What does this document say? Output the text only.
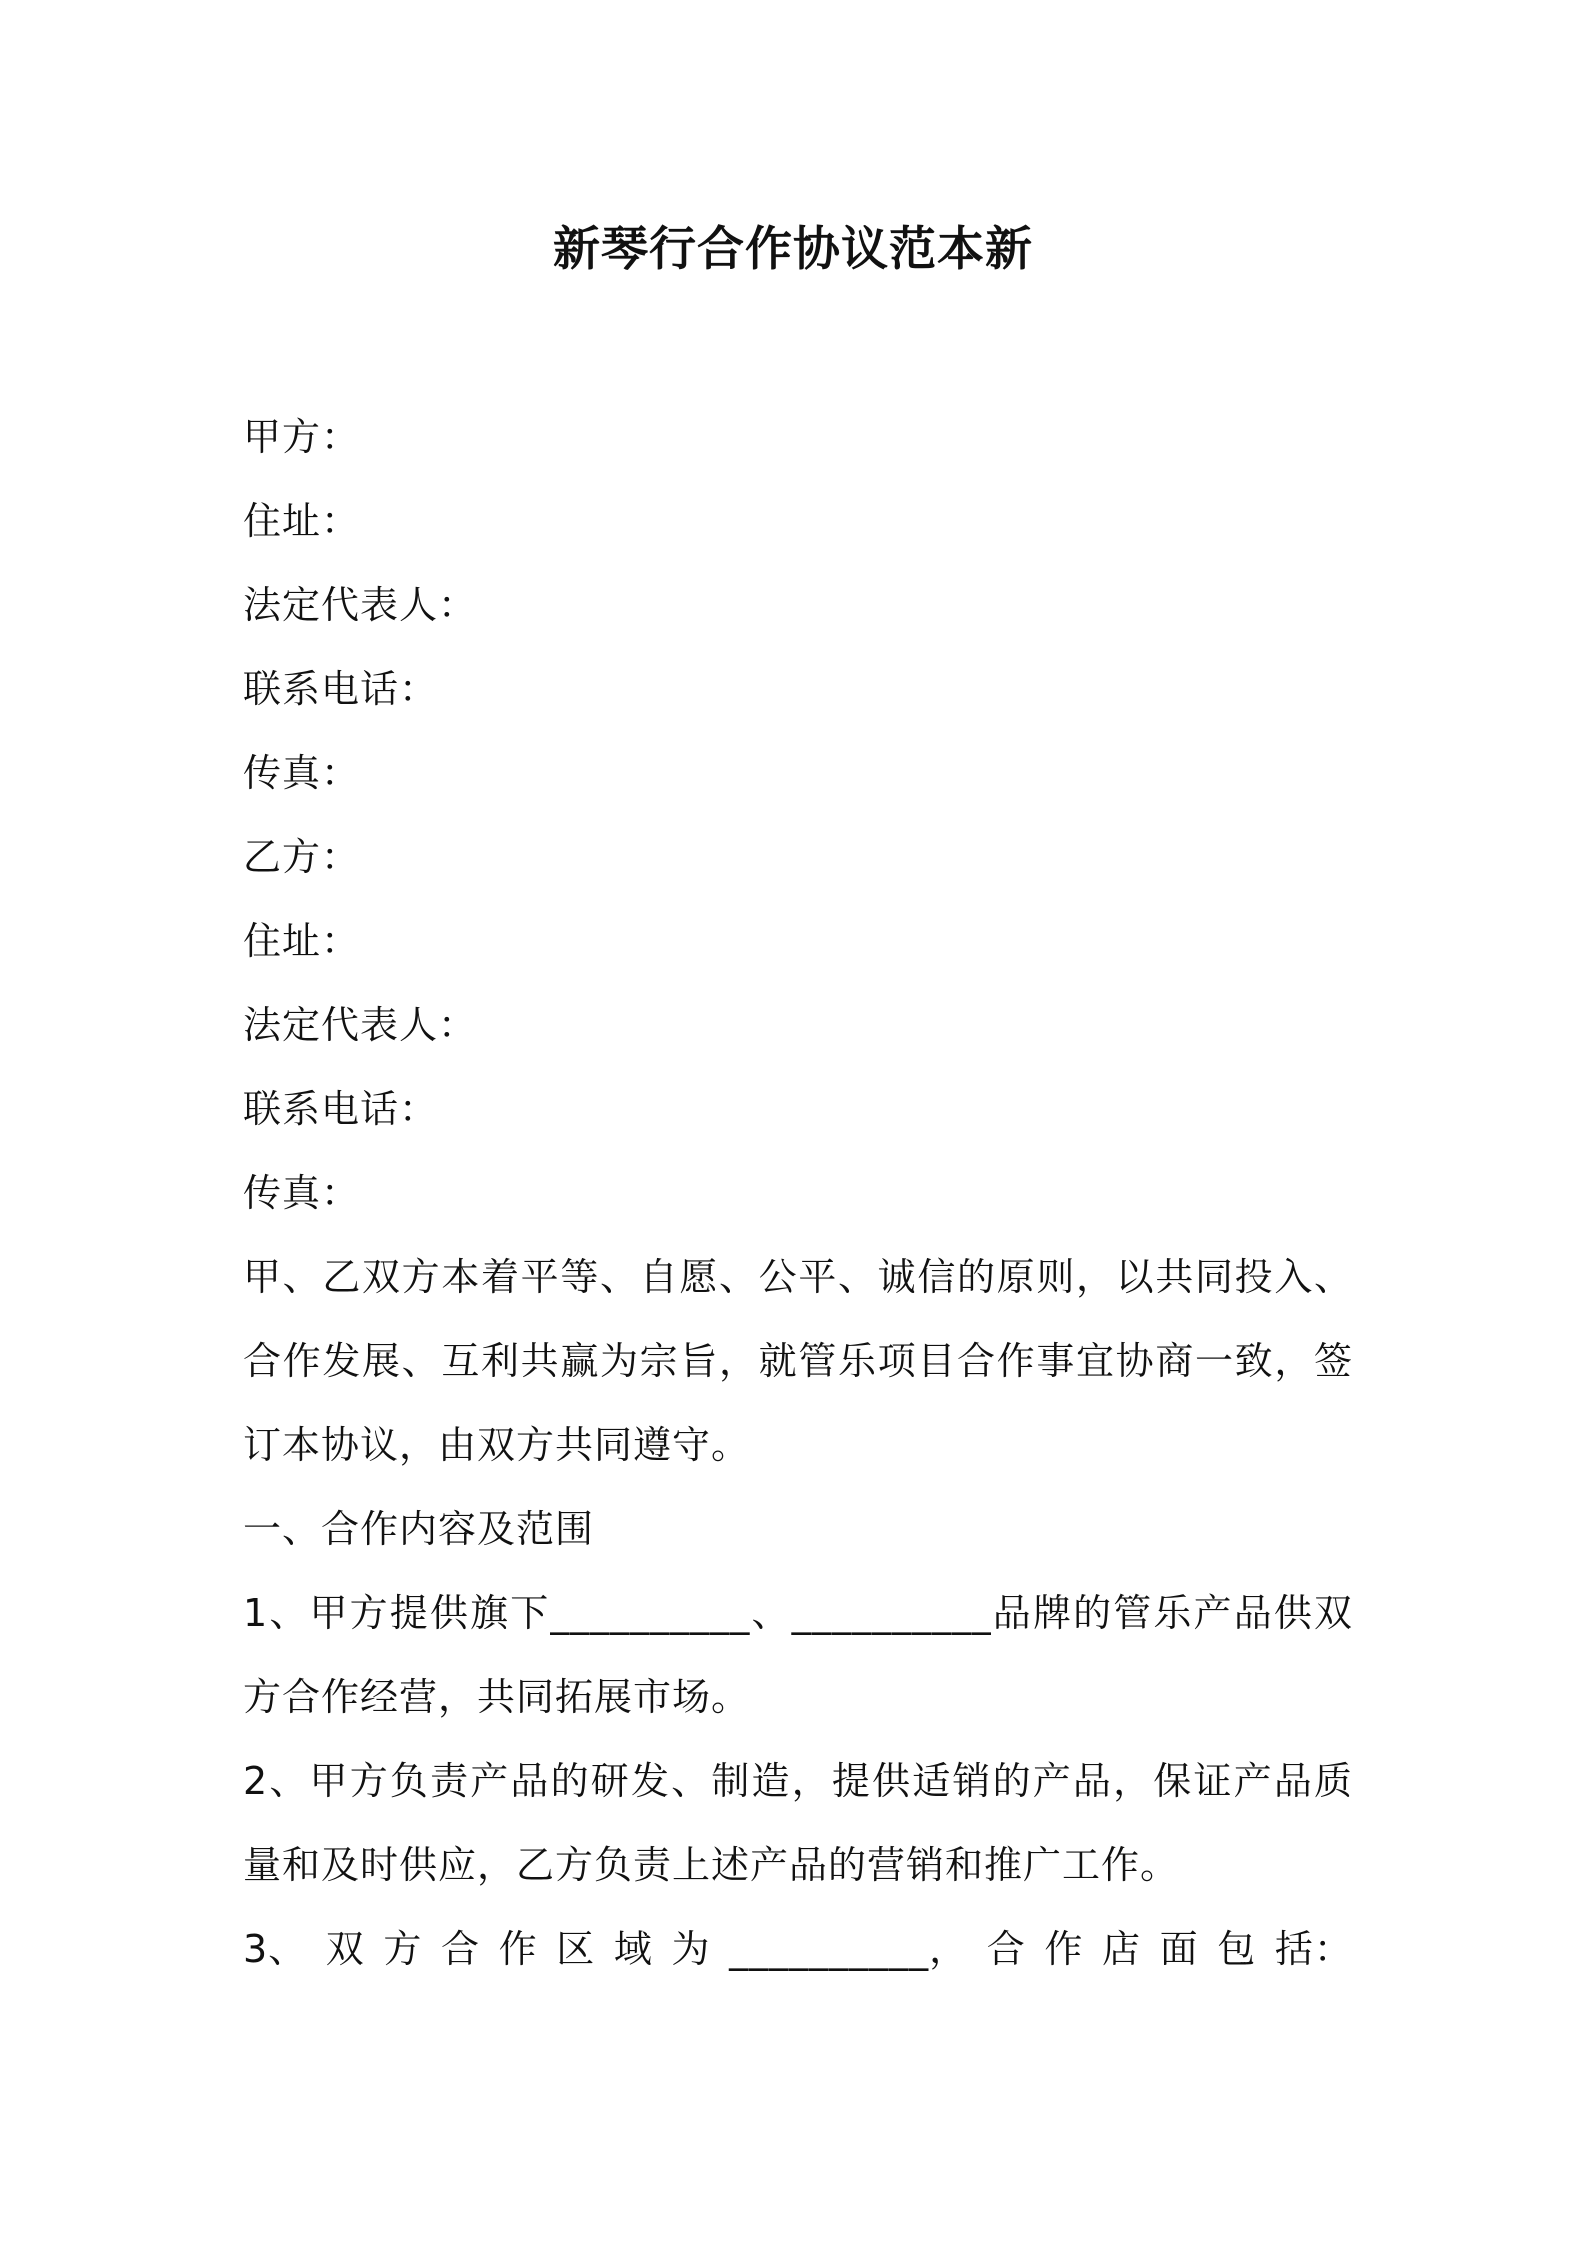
新琴行合作协议范本新
甲方：
住址：
法定代表人：
联系电话：
传真：
乙方：
住址：
法定代表人：
联系电话：
传真：
甲、乙双方本着平等、自愿、公平、诚信的原则，以共同投入、合作发展、互利共赢为宗旨，就管乐项目合作事宜协商一致，签订本协议，由双方共同遵守。
一、合作内容及范围
1、甲方提供旗下__________、__________品牌的管乐产品供双方合作经营，共同拓展市场。
2、甲方负责产品的研发、制造，提供适销的产品，保证产品质量和及时供应，乙方负责上述产品的营销和推广工作。
3、 双 方 合 作 区 域 为 __________， 合 作 店 面 包 括：
